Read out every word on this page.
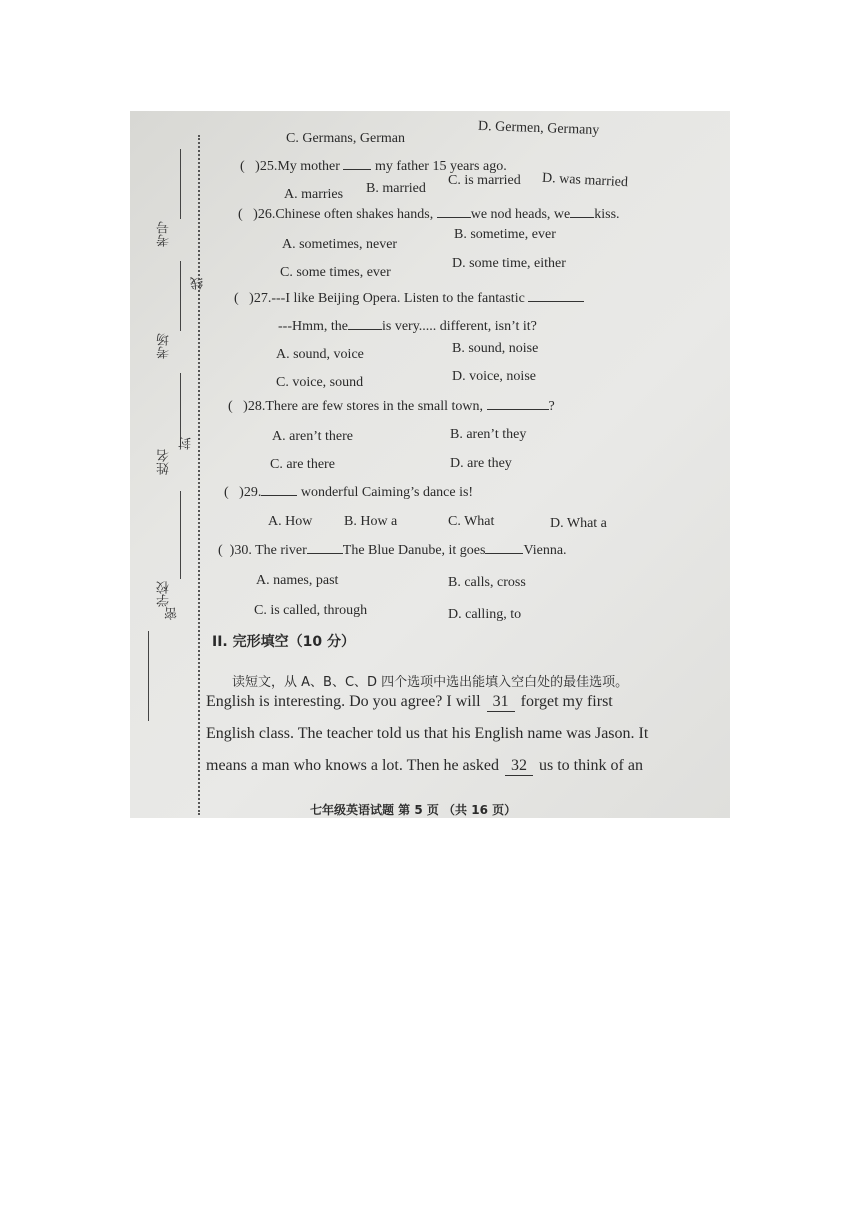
考号
考场
姓名
学校
线
封
密
C. Germans, German
D. Germen, Germany
( )25.My mother	my father 15 years ago.
A. marries B. married
C. is married D. was married
( )26.Chinese often shakes hands,	we nod heads, we kiss.
A. sometimes, never
B. sometime, ever
C. some times, ever
D. some time, either
( )27.---I like Beijing Opera. Listen to the fantastic
---Hmm, the is very..... different, isn’t it?
A. sound, voice	B. sound, noise
C. voice, sound	D. voice, noise
( )28.There are few stores in the small town,	?
A. aren’t there	B. aren’t they
C. are there	D. are they
( )29.	wonderful Caiming’s dance is!
A. How B. How a	C. What	D. What a
( )30. The river	The Blue Danube, it goes	Vienna.
A. names, past	B. calls, cross
C. is called, through	D. calling, to
II. 完形填空（10 分）
读短文，从 A、B、C、D 四个选项中选出能填入空白处的最佳选项。
English is interesting. Do you agree? I will 31 forget my first
English class. The teacher told us that his English name was Jason. It
means a man who knows a lot. Then he asked 32 us to think of an
七年级英语试题 第 5 页 （共 16 页）
